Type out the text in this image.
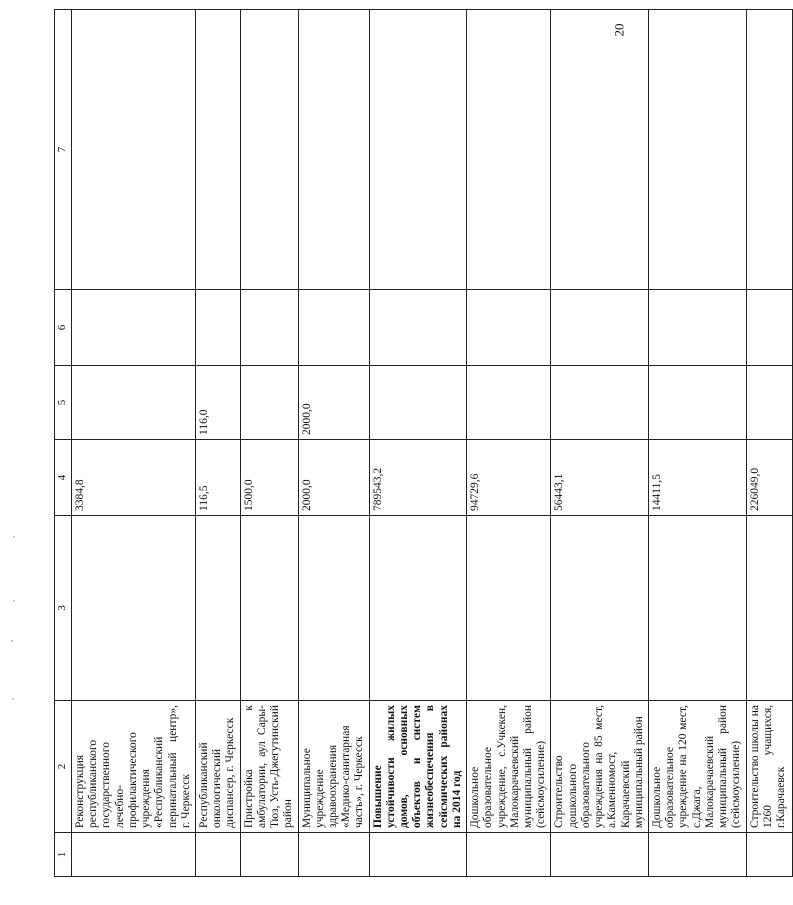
20
1	2	3	4	5	6	7
	Реконструкция республиканского государственного лечебно-профилактического учреждения «Республиканский перинатальный центр», г. Черкесск		3384,8			
	Республиканский онкологический диспансер, г. Черкесск		116,5	116,0		
	Пристройка к амбулатории, аул Сары-Тюз, Усть-Джегутинский район		1500,0			
	Муниципальное учреждение здравоохранения «Медико-санитарная часть», г. Черкесск		2000,0	2000,0		
	Повышение устойчивости жилых домов, основных объектов и систем жизнеобеспечения в сейсмических районах на 2014 год		789543,2			
	Дошкольное образовательное учреждение, с.Учкекен, Малокарачаевский муниципальный район (сейсмоусиление)		94729,6			
	Строительство дошкольного образовательного учреждения на 85 мест, а.Каменномост, Карачаевский муниципальный район		56443,1			
	Дошкольное образовательное учреждение на 120 мест, с.Джага, Малокарачаевский муниципальный район (сейсмоусиление)		14411,5			
	Строительство школы на 1260 учащихся, г.Карачаевск		226049,0			
